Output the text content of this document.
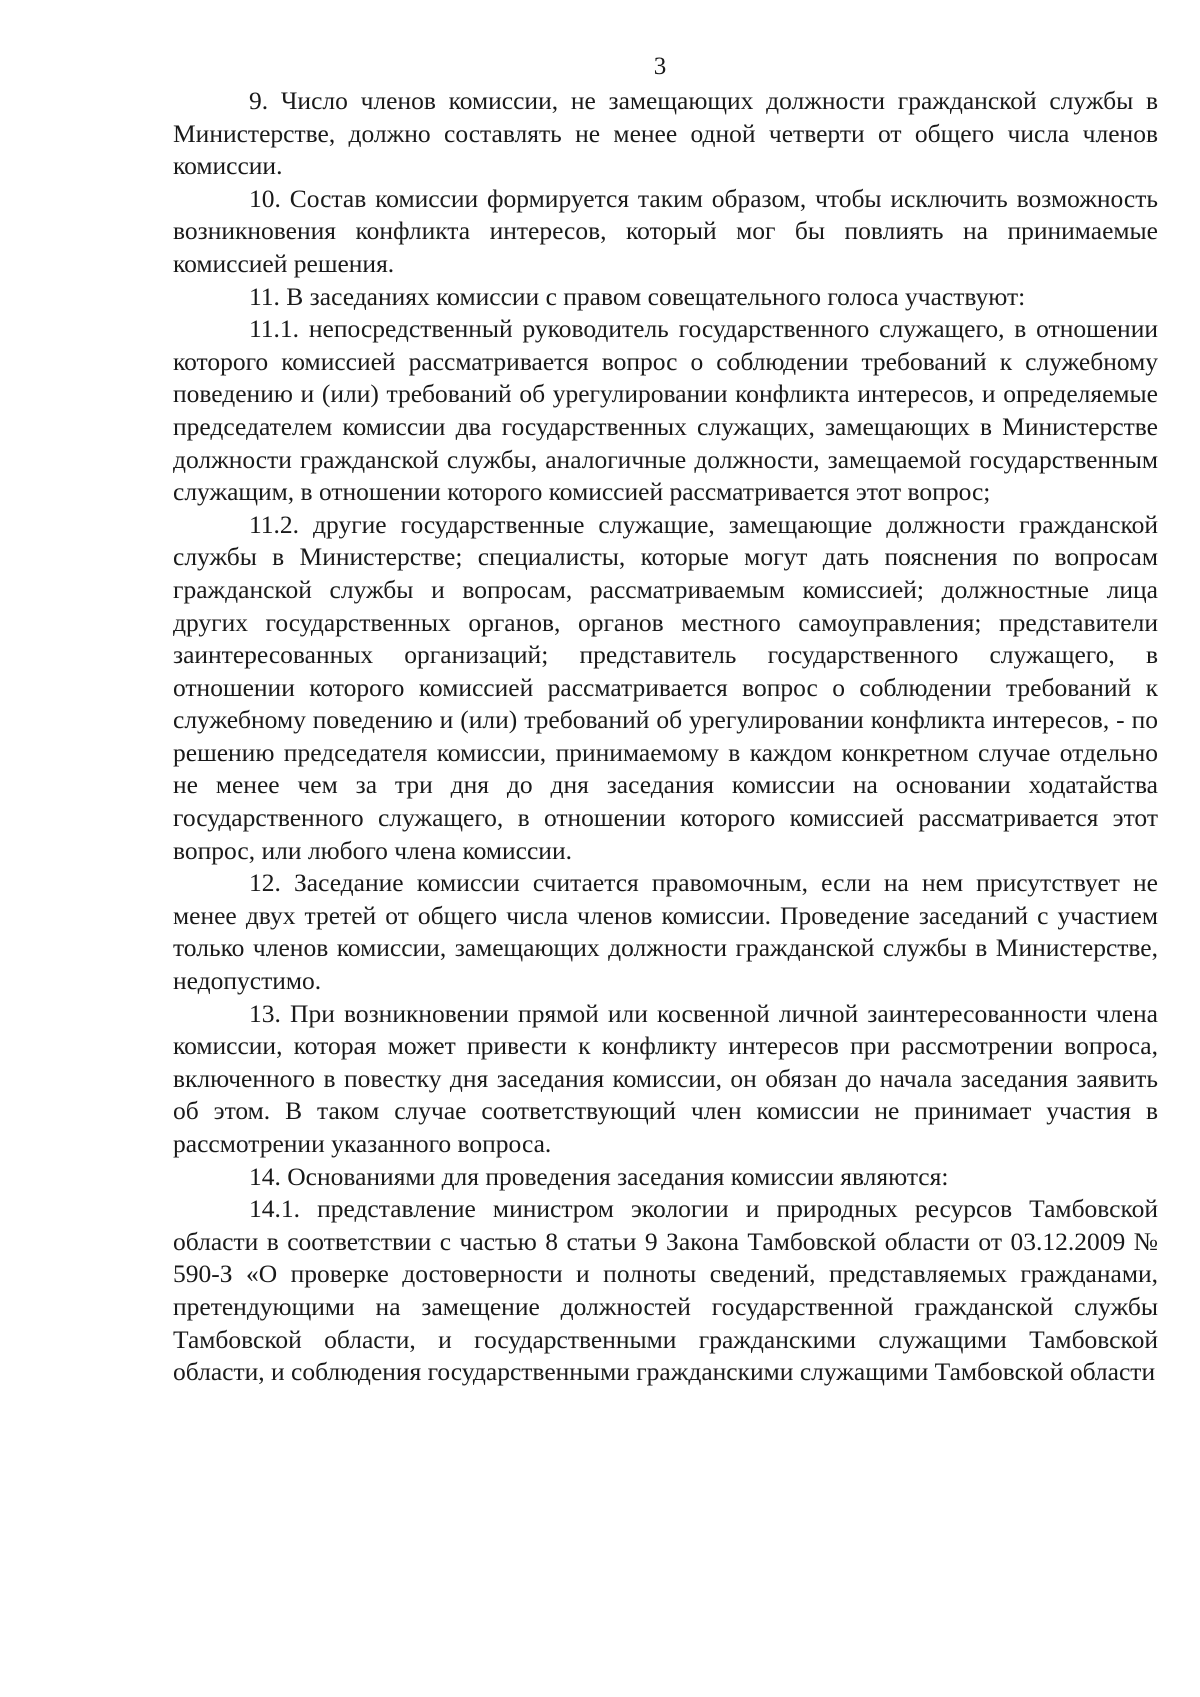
3

9. Число членов комиссии, не замещающих должности гражданской службы в Министерстве, должно составлять не менее одной четверти от общего числа членов комиссии.

10. Состав комиссии формируется таким образом, чтобы исключить возможность возникновения конфликта интересов, который мог бы повлиять на принимаемые комиссией решения.

11. В заседаниях комиссии с правом совещательного голоса участвуют:

11.1. непосредственный руководитель государственного служащего, в отношении которого комиссией рассматривается вопрос о соблюдении требований к служебному поведению и (или) требований об урегулировании конфликта интересов, и определяемые председателем комиссии два государственных служащих, замещающих в Министерстве должности гражданской службы, аналогичные должности, замещаемой государственным служащим, в отношении которого комиссией рассматривается этот вопрос;

11.2. другие государственные служащие, замещающие должности гражданской службы в Министерстве; специалисты, которые могут дать пояснения по вопросам гражданской службы и вопросам, рассматриваемым комиссией; должностные лица других государственных органов, органов местного самоуправления; представители заинтересованных организаций; представитель государственного служащего, в отношении которого комиссией рассматривается вопрос о соблюдении требований к служебному поведению и (или) требований об урегулировании конфликта интересов, - по решению председателя комиссии, принимаемому в каждом конкретном случае отдельно не менее чем за три дня до дня заседания комиссии на основании ходатайства государственного служащего, в отношении которого комиссией рассматривается этот вопрос, или любого члена комиссии.

12. Заседание комиссии считается правомочным, если на нем присутствует не менее двух третей от общего числа членов комиссии. Проведение заседаний с участием только членов комиссии, замещающих должности гражданской службы в Министерстве, недопустимо.

13. При возникновении прямой или косвенной личной заинтересованности члена комиссии, которая может привести к конфликту интересов при рассмотрении вопроса, включенного в повестку дня заседания комиссии, он обязан до начала заседания заявить об этом. В таком случае соответствующий член комиссии не принимает участия в рассмотрении указанного вопроса.

14. Основаниями для проведения заседания комиссии являются:

14.1. представление министром экологии и природных ресурсов Тамбовской области в соответствии с частью 8 статьи 9 Закона Тамбовской области от 03.12.2009 № 590-З «О проверке достоверности и полноты сведений, представляемых гражданами, претендующими на замещение должностей государственной гражданской службы Тамбовской области, и государственными гражданскими служащими Тамбовской области, и соблюдения государственными гражданскими служащими Тамбовской области
